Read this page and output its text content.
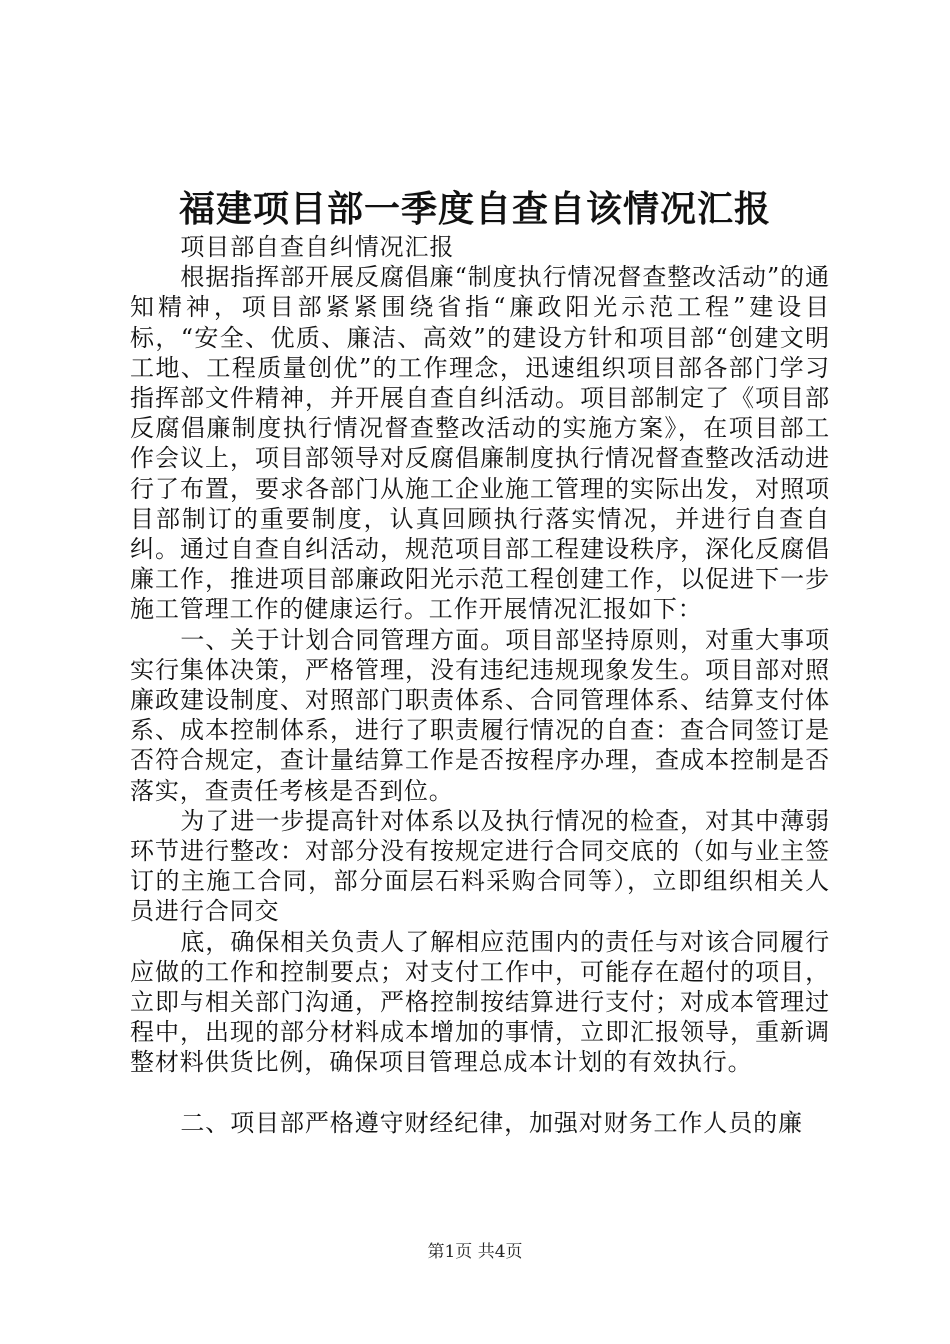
福建项目部一季度自查自该情况汇报

项目部自查自纠情况汇报

根据指挥部开展反腐倡廉“制度执行情况督查整改活动”的通知精神，项目部紧紧围绕省指“廉政阳光示范工程”建设目标，“安全、优质、廉洁、高效”的建设方针和项目部“创建文明工地、工程质量创优”的工作理念，迅速组织项目部各部门学习指挥部文件精神，并开展自查自纠活动。项目部制定了《项目部反腐倡廉制度执行情况督查整改活动的实施方案》，在项目部工作会议上，项目部领导对反腐倡廉制度执行情况督查整改活动进行了布置，要求各部门从施工企业施工管理的实际出发，对照项目部制订的重要制度，认真回顾执行落实情况，并进行自查自纠。通过自查自纠活动，规范项目部工程建设秩序，深化反腐倡廉工作，推进项目部廉政阳光示范工程创建工作，以促进下一步施工管理工作的健康运行。工作开展情况汇报如下：

一、关于计划合同管理方面。项目部坚持原则，对重大事项实行集体决策，严格管理，没有违纪违规现象发生。项目部对照廉政建设制度、对照部门职责体系、合同管理体系、结算支付体系、成本控制体系，进行了职责履行情况的自查：查合同签订是否符合规定，查计量结算工作是否按程序办理，查成本控制是否落实，查责任考核是否到位。

为了进一步提高针对体系以及执行情况的检查，对其中薄弱环节进行整改：对部分没有按规定进行合同交底的（如与业主签订的主施工合同，部分面层石料采购合同等），立即组织相关人员进行合同交

底，确保相关负责人了解相应范围内的责任与对该合同履行应做的工作和控制要点；对支付工作中，可能存在超付的项目，立即与相关部门沟通，严格控制按结算进行支付；对成本管理过程中，出现的部分材料成本增加的事情，立即汇报领导，重新调整材料供货比例，确保项目管理总成本计划的有效执行。

二、项目部严格遵守财经纪律，加强对财务工作人员的廉

第1页 共4页
